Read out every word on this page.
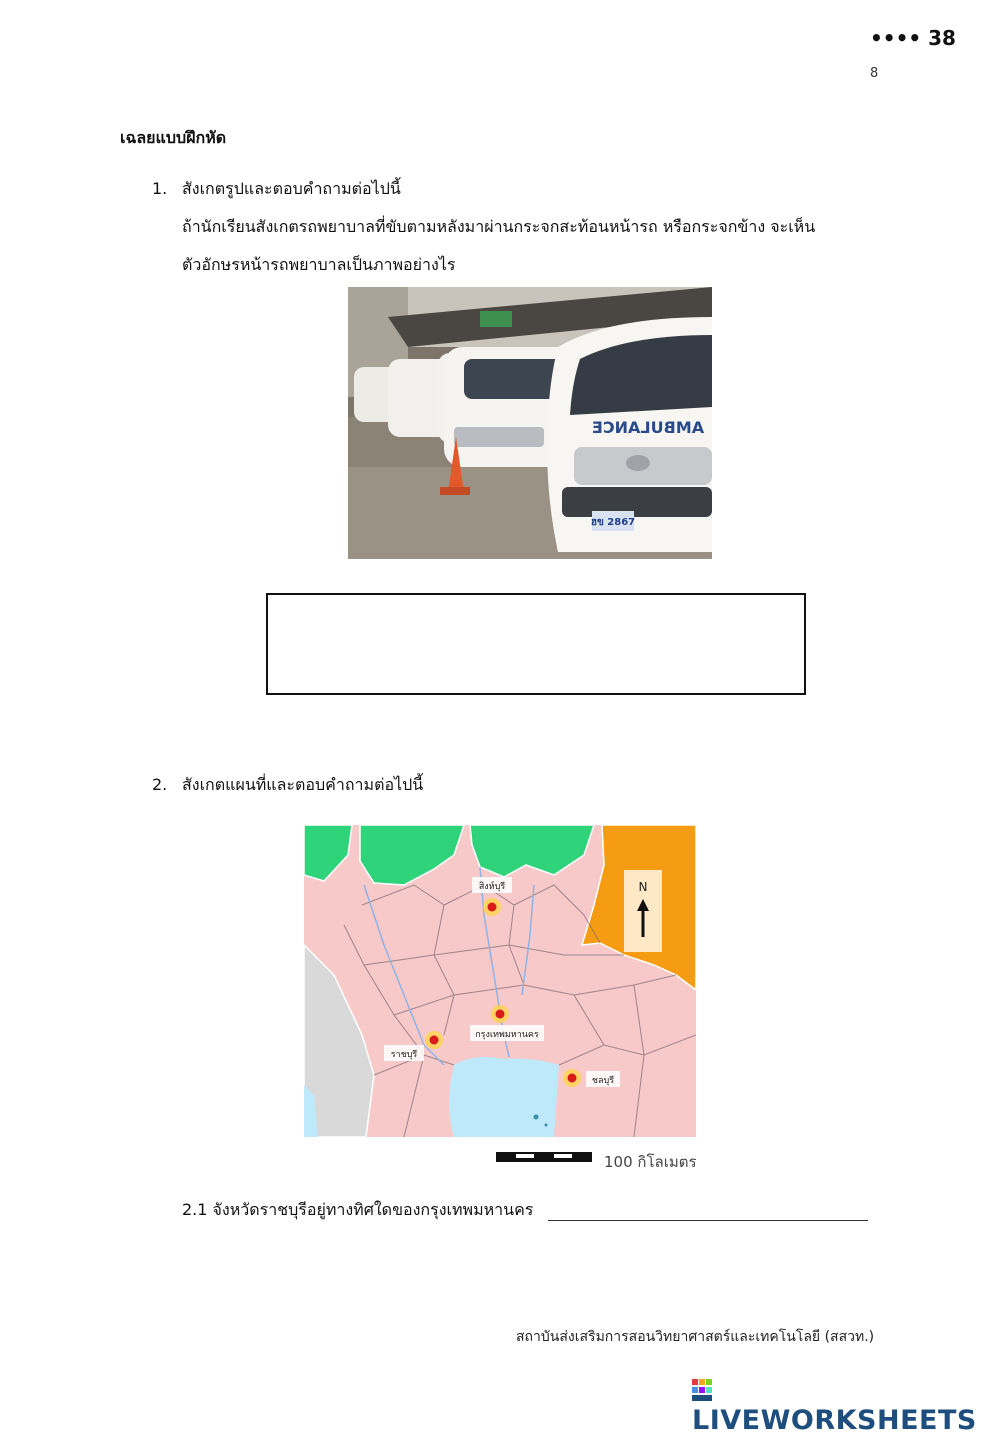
•••• 38
8
เฉลยแบบฝึกหัด
1. สังเกตรูปและตอบคำถามต่อไปนี้
ถ้านักเรียนสังเกตรถพยาบาลที่ขับตามหลังมาผ่านกระจกสะท้อนหน้ารถ หรือกระจกข้าง จะเห็น
ตัวอักษรหน้ารถพยาบาลเป็นภาพอย่างไร
AMBULANCE
ฮข 2867
2. สังเกตแผนที่และตอบคำถามต่อไปนี้
สิงห์บุรี
กรุงเทพมหานคร
ราชบุรี
ชลบุรี
N
100 กิโลเมตร
2.1 จังหวัดราชบุรีอยู่ทางทิศใดของกรุงเทพมหานคร
สถาบันส่งเสริมการสอนวิทยาศาสตร์และเทคโนโลยี (สสวท.)
LIVEWORKSHEETS
